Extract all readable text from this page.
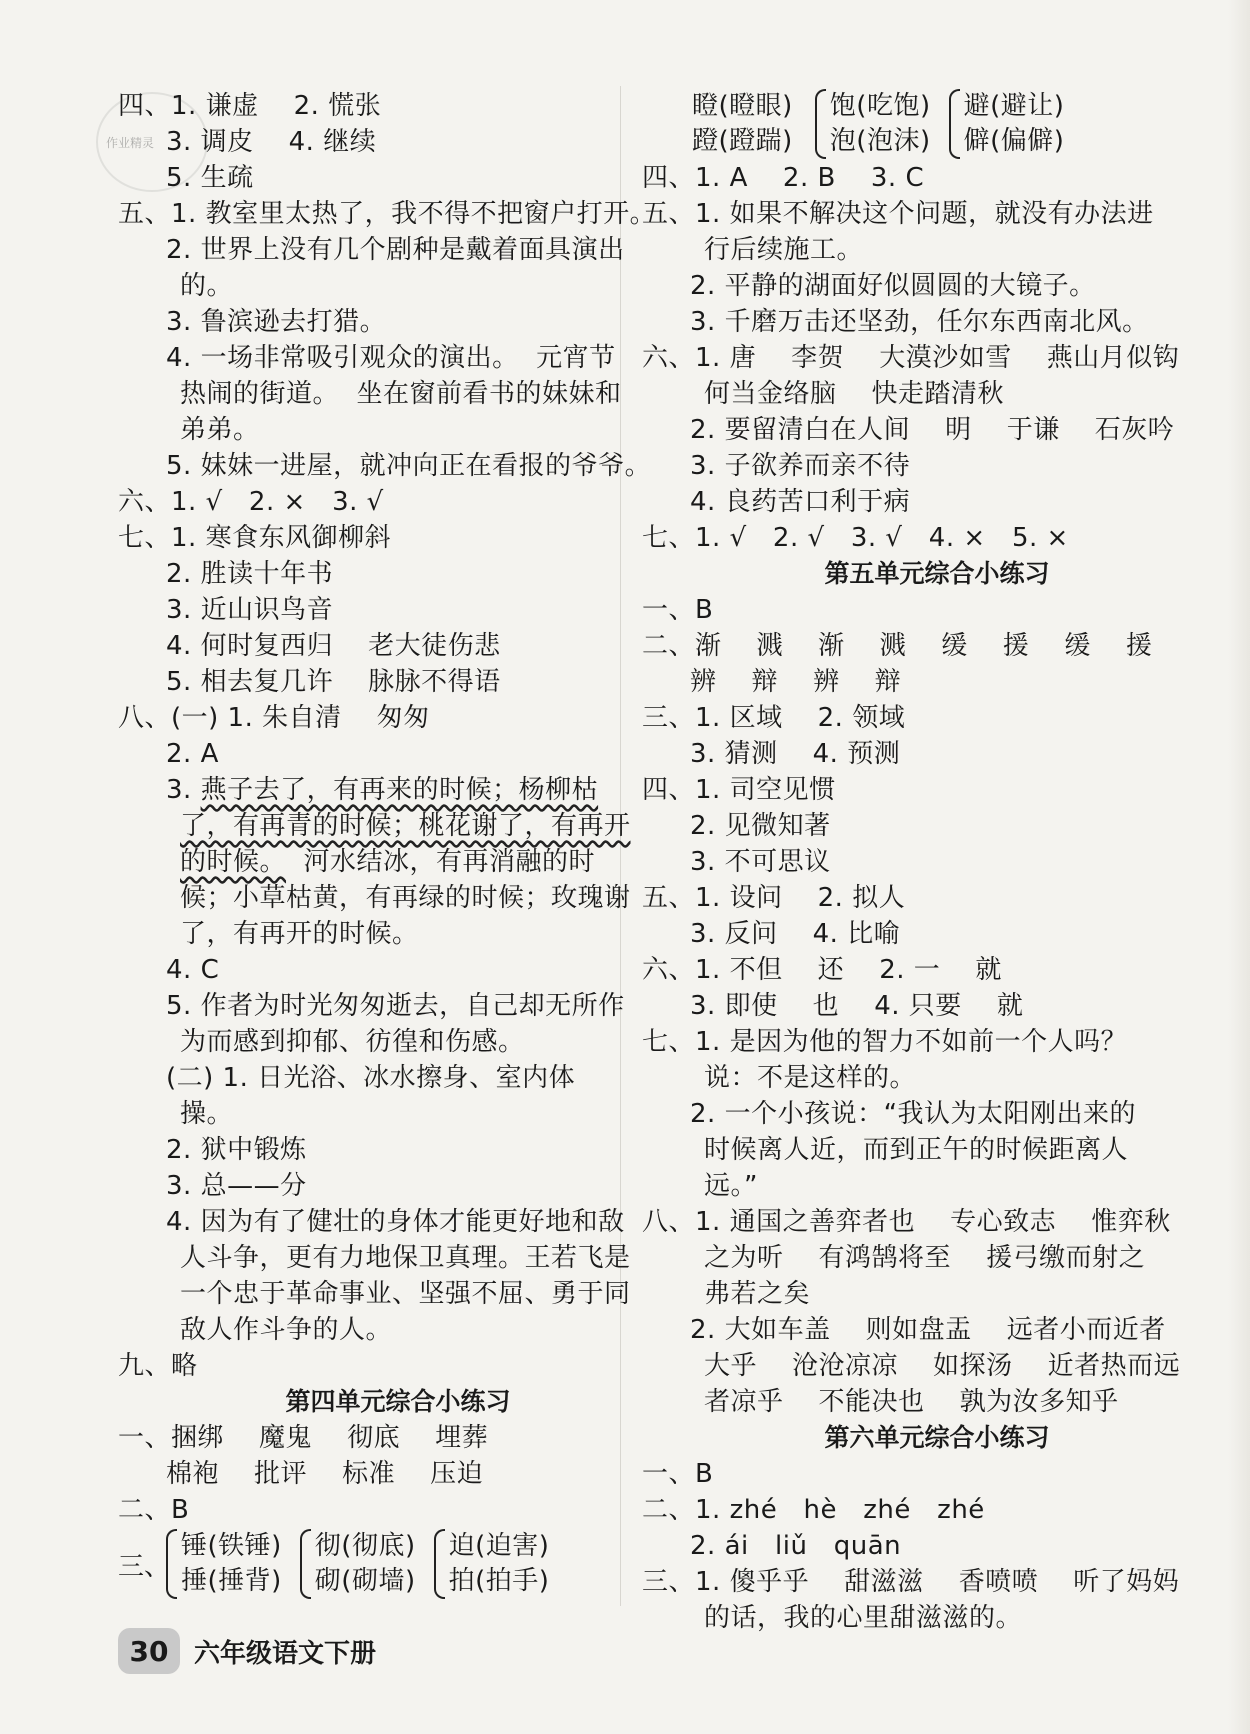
作业精灵

四、1. 谦虚    2. 慌张

3. 调皮    4. 继续

5. 生疏

五、1. 教室里太热了，我不得不把窗户打开。

2. 世界上没有几个剧种是戴着面具演出

的。

3. 鲁滨逊去打猎。

4. 一场非常吸引观众的演出。  元宵节

热闹的街道。  坐在窗前看书的妹妹和

弟弟。

5. 妹妹一进屋，就冲向正在看报的爷爷。

六、1. √   2. ×   3. √

七、1. 寒食东风御柳斜

2. 胜读十年书

3. 近山识鸟音

4. 何时复西归    老大徒伤悲

5. 相去复几许    脉脉不得语

八、(一) 1. 朱自清    匆匆

2. A

3. 燕子去了，有再来的时候；杨柳枯

了，有再青的时候；桃花谢了，有再开

的时候。  河水结冰，有再消融的时

候；小草枯黄，有再绿的时候；玫瑰谢

了，有再开的时候。

4. C

5. 作者为时光匆匆逝去，自己却无所作

为而感到抑郁、彷徨和伤感。

(二) 1. 日光浴、冰水擦身、室内体

操。

2. 狱中锻炼

3. 总——分

4. 因为有了健壮的身体才能更好地和敌

人斗争，更有力地保卫真理。王若飞是

一个忠于革命事业、坚强不屈、勇于同

敌人作斗争的人。

九、略

第四单元综合小练习

一、捆绑    魔鬼    彻底    埋葬

棉袍    批评    标准    压迫

二、B

三、

锤(铁锤)

捶(捶背)

彻(彻底)

砌(砌墙)

迫(迫害)

拍(拍手)

瞪(瞪眼)

蹬(蹬踹)

饱(吃饱)

泡(泡沫)

避(避让)

僻(偏僻)

四、1. A    2. B    3. C

五、1. 如果不解决这个问题，就没有办法进

行后续施工。

2. 平静的湖面好似圆圆的大镜子。

3. 千磨万击还坚劲，任尔东西南北风。

六、1. 唐    李贺    大漠沙如雪    燕山月似钩

何当金络脑    快走踏清秋

2. 要留清白在人间    明    于谦    石灰吟

3. 子欲养而亲不待

4. 良药苦口利于病

七、1. √   2. √   3. √   4. ×   5. ×

第五单元综合小练习

一、B

二、渐    溅    渐    溅    缓    援    缓    援

辨    辩    辨    辩

三、1. 区域    2. 领域

3. 猜测    4. 预测

四、1. 司空见惯

2. 见微知著

3. 不可思议

五、1. 设问    2. 拟人

3. 反问    4. 比喻

六、1. 不但    还    2. 一    就

3. 即使    也    4. 只要    就

七、1. 是因为他的智力不如前一个人吗？

说：不是这样的。

2. 一个小孩说：“我认为太阳刚出来的

时候离人近，而到正午的时候距离人

远。”

八、1. 通国之善弈者也    专心致志    惟弈秋

之为听    有鸿鹄将至    援弓缴而射之

弗若之矣

2. 大如车盖    则如盘盂    远者小而近者

大乎    沧沧凉凉    如探汤    近者热而远

者凉乎    不能决也    孰为汝多知乎

第六单元综合小练习

一、B

二、1. zhé   hè   zhé   zhé

2. ái   liǔ   quān

三、1. 傻乎乎    甜滋滋    香喷喷    听了妈妈

的话，我的心里甜滋滋的。

30 六年级语文下册
